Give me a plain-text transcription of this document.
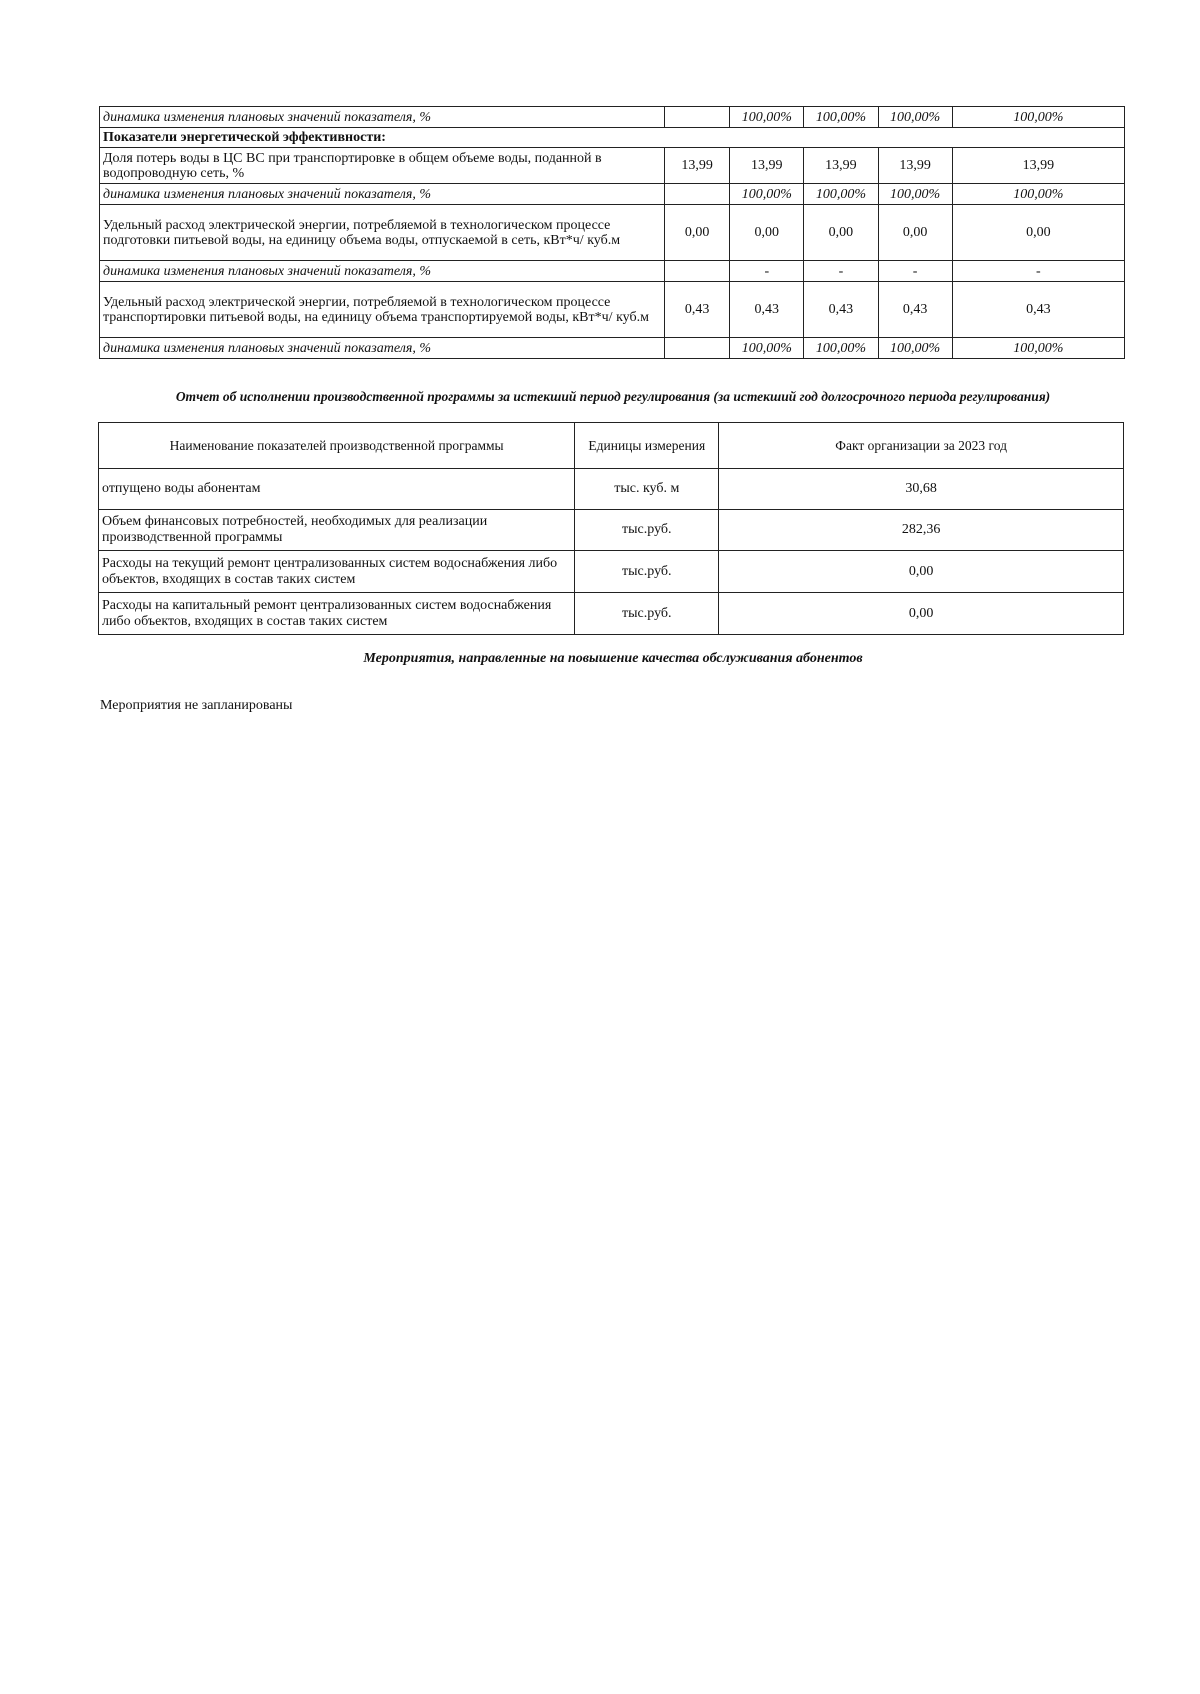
динамика изменения плановых значений показателя, %		100,00%	100,00%	100,00%	100,00%
Показатели энергетической эффективности:					
Доля потерь воды в ЦС ВС при транспортировке в общем объеме воды, поданной в водопроводную сеть, %	13,99	13,99	13,99	13,99	13,99
динамика изменения плановых значений показателя, %		100,00%	100,00%	100,00%	100,00%
Удельный расход электрической энергии, потребляемой в технологическом процессе подготовки питьевой воды, на единицу объема воды, отпускаемой в сеть, кВт*ч/ куб.м	0,00	0,00	0,00	0,00	0,00
динамика изменения плановых значений показателя, %		-	-	-	-
Удельный расход электрической энергии, потребляемой в технологическом процессе транспортировки питьевой воды, на единицу объема транспортируемой воды, кВт*ч/ куб.м	0,43	0,43	0,43	0,43	0,43
динамика изменения плановых значений показателя, %		100,00%	100,00%	100,00%	100,00%
Отчет об исполнении производственной программы за истекший период регулирования (за истекший год долгосрочного периода регулирования)
Наименование показателей производственной программы	Единицы измерения	Факт организации за 2023 год
отпущено воды абонентам	тыс. куб. м	30,68
Объем финансовых потребностей, необходимых для реализации производственной программы	тыс.руб.	282,36
Расходы на текущий ремонт централизованных систем водоснабжения либо объектов, входящих в состав таких систем	тыс.руб.	0,00
Расходы на капитальный ремонт централизованных систем водоснабжения либо объектов, входящих в состав таких систем	тыс.руб.	0,00
Мероприятия, направленные на повышение качества обслуживания абонентов
Мероприятия не запланированы
